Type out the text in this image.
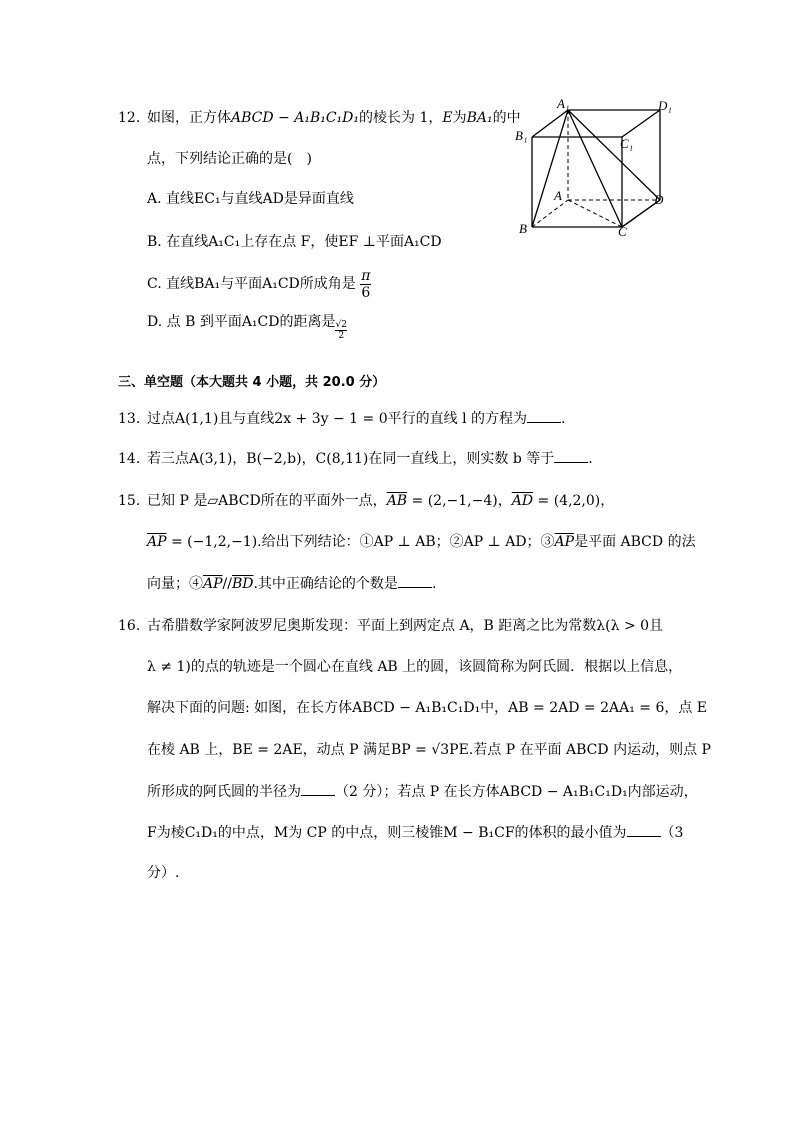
12. 如图，正方体ABCD − A₁B₁C₁D₁的棱长为 1，E为BA₁的中
点，下列结论正确的是(　)
A. 直线EC₁与直线AD是异面直线
B. 在直线A₁C₁上存在点 F，使EF ⊥平面A₁CD
C. 直线BA₁与平面A₁CD所成角是 $\frac{\pi}{6}$
D. 点 B 到平面A₁CD的距离是 $\frac{√2}{2}$
A₁	D₁
B₁
C₁
A	D
B	C
三、单空题（本大题共 4 小题，共 20.0 分）
13. 过点A(1,1)且与直线2x + 3y − 1 = 0平行的直线 l 的方程为 .
14. 若三点A(3,1)，B(−2,b)，C(8,11)在同一直线上，则实数 b 等于 .
15. 已知 P 是▱ABCD所在的平面外一点，$\overline{AB} = (2,-1,-4)$，$\overline{AD} = (4,2,0)$，
$\overline{AP} = (-1,2,-1)$.给出下列结论：①AP ⊥ AB；②AP ⊥ AD；$③\overline{AP}$是平面 ABCD 的法
向量；$④\overline{AP}//\overline{BD}$.其中正确结论的个数是 .
16. 古希腊数学家阿波罗尼奥斯发现：平面上到两定点 A，B 距离之比为常数λ(λ > 0且
λ ≠ 1)的点的轨迹是一个圆心在直线 AB 上的圆，该圆简称为阿氏圆．根据以上信息，
解决下面的问题: 如图，在长方体ABCD − A₁B₁C₁D₁中，AB = 2AD = 2AA₁ = 6，点 E
在棱 AB 上，BE = 2AE，动点 P 满足BP = √3PE.若点 P 在平面 ABCD 内运动，则点 P
所形成的阿氏圆的半径为 （2 分）；若点 P 在长方体ABCD − A₁B₁C₁D₁内部运动，
F为棱C₁D₁的中点，M为 CP 的中点，则三棱锥M − B₁CF的体积的最小值为 （3
分）.
